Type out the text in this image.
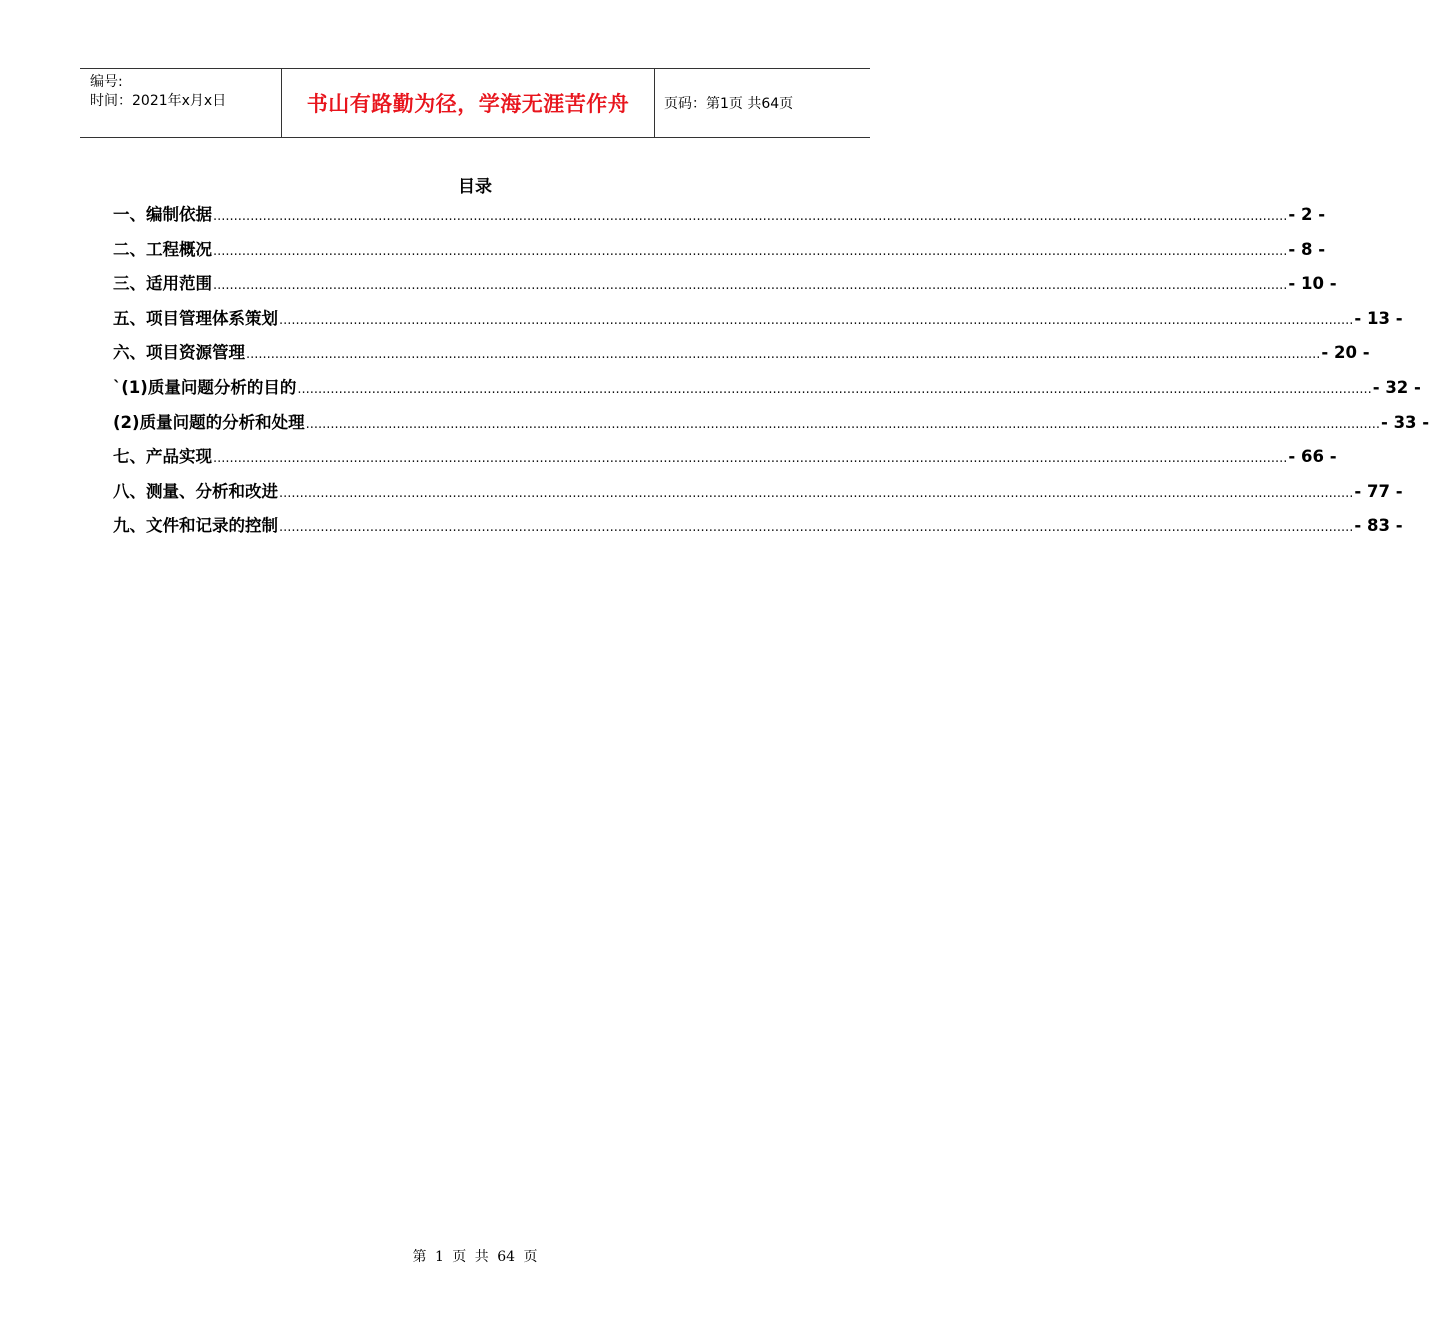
编号:
时间：2021年x月x日	书山有路勤为径，学海无涯苦作舟 页码：第1页 共64页
目录
一、编制依据 .................................................................................................................................................................................................................................................................... - 2 -
二、工程概况 .................................................................................................................................................................................................................................................................... - 8 -
三、适用范围 .................................................................................................................................................................................................................................................................... - 10 -
五、项目管理体系策划 .................................................................................................................................................................................................................................................................... - 13 -
六、项目资源管理 .................................................................................................................................................................................................................................................................... - 20 -
`(1)质量问题分析的目的 .................................................................................................................................................................................................................................................................... - 32 -
(2)质量问题的分析和处理 .................................................................................................................................................................................................................................................................... - 33 -
七、产品实现 .................................................................................................................................................................................................................................................................... - 66 -
八、测量、分析和改进 .................................................................................................................................................................................................................................................................... - 77 -
九、文件和记录的控制 .................................................................................................................................................................................................................................................................... - 83 -
第 1 页 共 64 页
